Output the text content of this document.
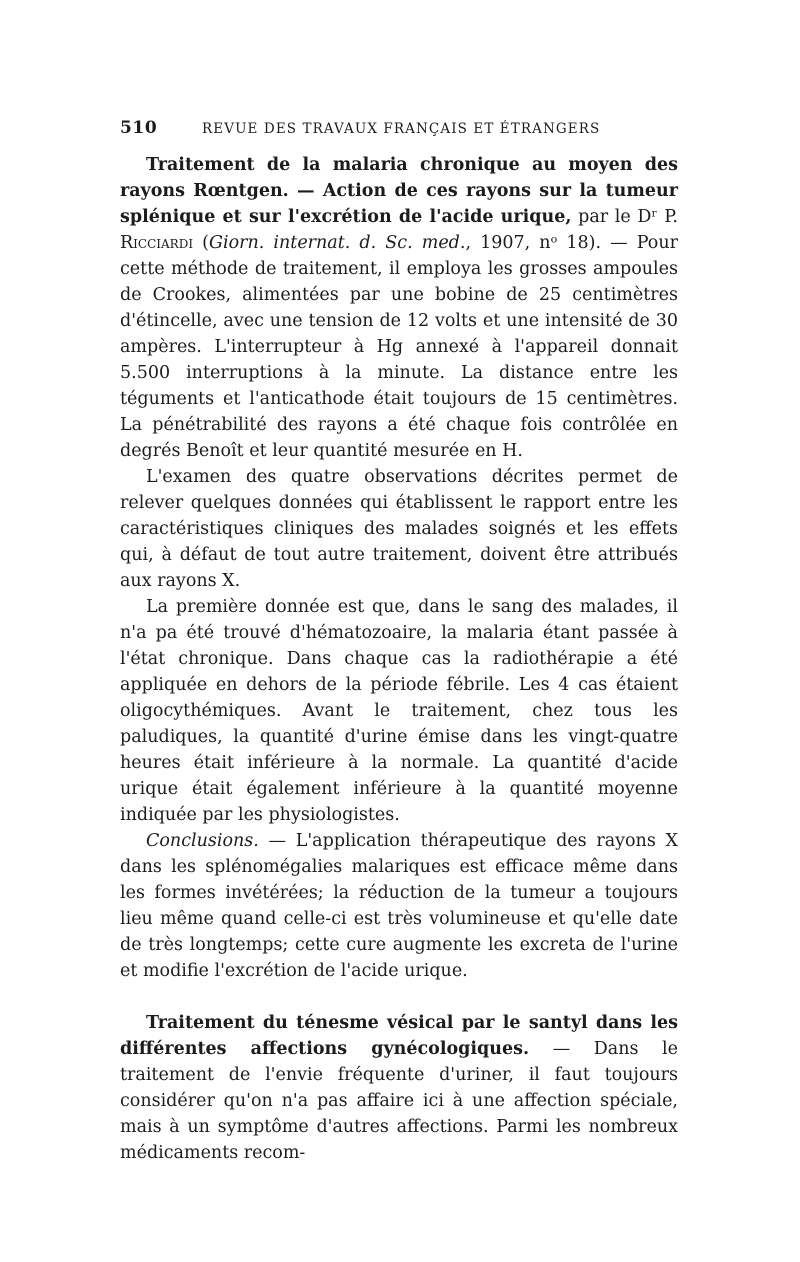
510	REVUE DES TRAVAUX FRANÇAIS ET ÉTRANGERS

Traitement de la malaria chronique au moyen des rayons Rœntgen. — Action de ces rayons sur la tumeur splénique et sur l'excrétion de l'acide urique, par le Dʳ P. Ricciardi (Giorn. internat. d. Sc. med., 1907, nᵒ 18). — Pour cette méthode de traitement, il employa les grosses ampoules de Crookes, alimentées par une bobine de 25 centimètres d'étincelle, avec une tension de 12 volts et une intensité de 30 ampères. L'interrupteur à Hg annexé à l'appareil donnait 5.500 interruptions à la minute. La distance entre les téguments et l'anticathode était toujours de 15 centimètres. La pénétrabilité des rayons a été chaque fois contrôlée en degrés Benoît et leur quantité mesurée en H.

L'examen des quatre observations décrites permet de relever quelques données qui établissent le rapport entre les caractéristiques cliniques des malades soignés et les effets qui, à défaut de tout autre traitement, doivent être attribués aux rayons X.

La première donnée est que, dans le sang des malades, il n'a pa été trouvé d'hématozoaire, la malaria étant passée à l'état chronique. Dans chaque cas la radiothérapie a été appliquée en dehors de la période fébrile. Les 4 cas étaient oligocythémiques. Avant le traitement, chez tous les paludiques, la quantité d'urine émise dans les vingt-quatre heures était inférieure à la normale. La quantité d'acide urique était également inférieure à la quantité moyenne indiquée par les physiologistes.

Conclusions. — L'application thérapeutique des rayons X dans les splénomégalies malariques est efficace même dans les formes invétérées; la réduction de la tumeur a toujours lieu même quand celle-ci est très volumineuse et qu'elle date de très longtemps; cette cure augmente les excreta de l'urine et modifie l'excrétion de l'acide urique.

Traitement du ténesme vésical par le santyl dans les différentes affections gynécologiques. — Dans le traitement de l'envie fréquente d'uriner, il faut toujours considérer qu'on n'a pas affaire ici à une affection spéciale, mais à un symptôme d'autres affections. Parmi les nombreux médicaments recom-
